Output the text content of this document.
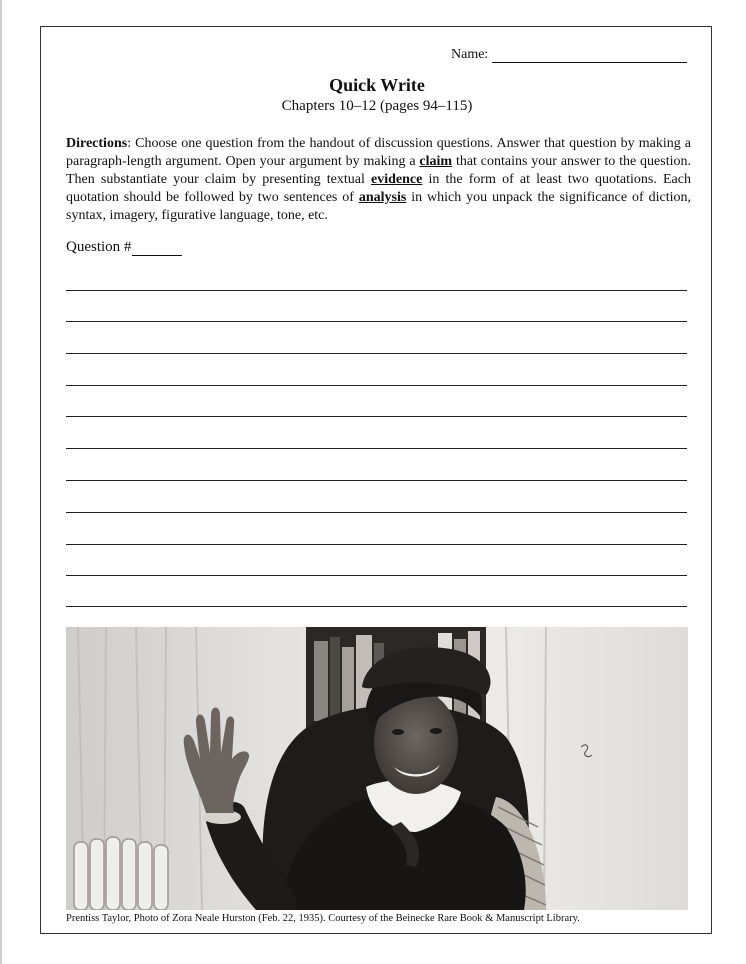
Name:
Quick Write
Chapters 10–12 (pages 94–115)
Directions: Choose one question from the handout of discussion questions. Answer that question by making a paragraph-length argument. Open your argument by making a claim that contains your answer to the question. Then substantiate your claim by presenting textual evidence in the form of at least two quotations. Each quotation should be followed by two sentences of analysis in which you unpack the significance of diction, syntax, imagery, figurative language, tone, etc.
Question #
Prentiss Taylor, Photo of Zora Neale Hurston (Feb. 22, 1935). Courtesy of the Beinecke Rare Book & Manuscript Library.
